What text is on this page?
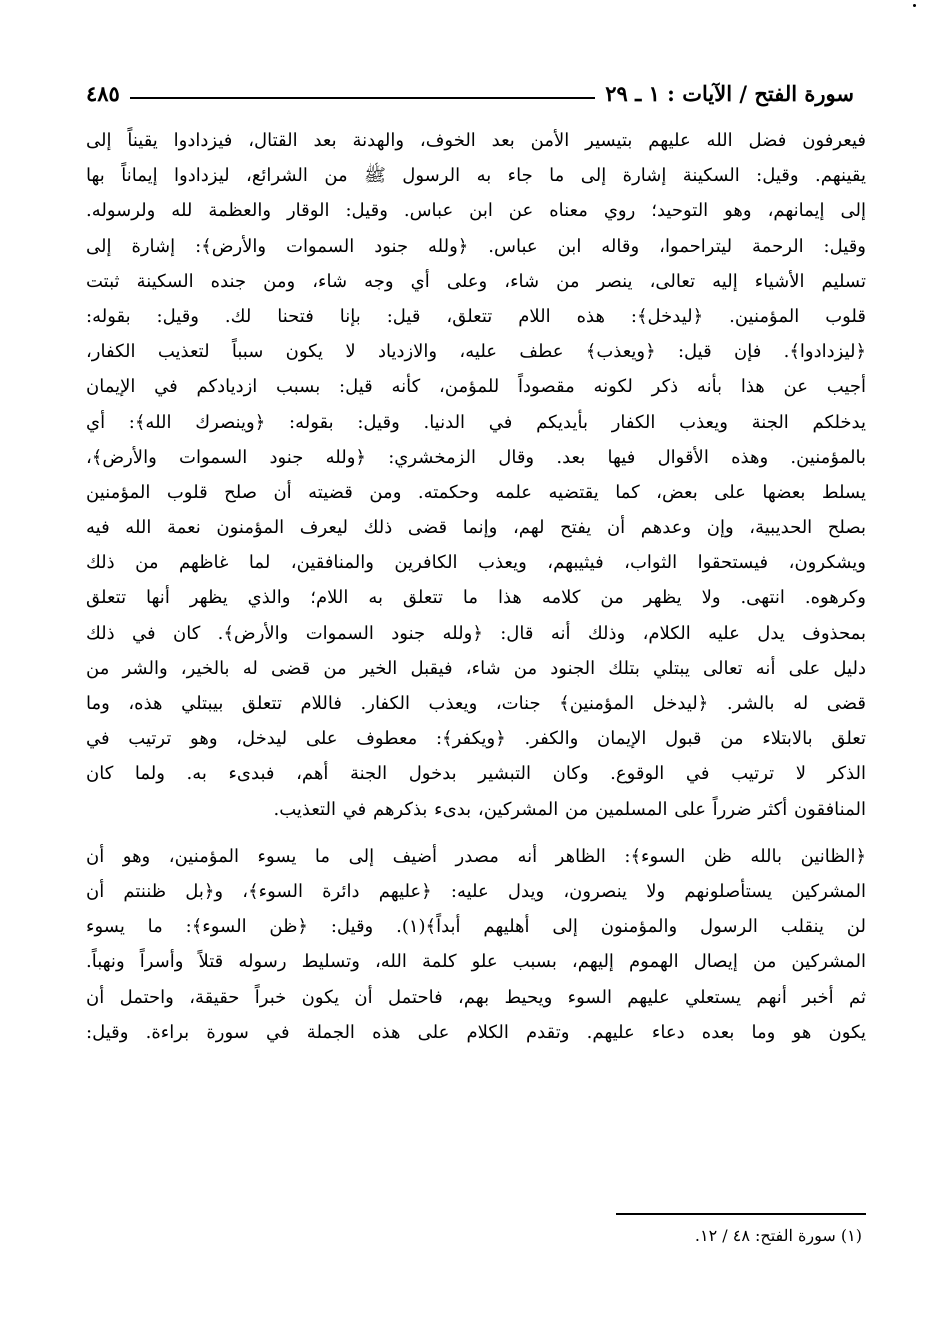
سورة الفتح / الآيات : ١ ـ ٢٩
٤٨٥
فيعرفون فضل الله عليهم بتيسير الأمن بعد الخوف، والهدنة بعد القتال، فيزدادوا يقيناً إلى
يقينهم. وقيل: السكينة إشارة إلى ما جاء به الرسول ﷺ من الشرائع، ليزدادوا إيماناً بها
إلى إيمانهم، وهو التوحيد؛ روي معناه عن ابن عباس. وقيل: الوقار والعظمة لله ولرسوله.
وقيل: الرحمة ليتراحموا، وقاله ابن عباس. ﴿ولله جنود السموات والأرض﴾: إشارة إلى
تسليم الأشياء إليه تعالى، ينصر من شاء، وعلى أي وجه شاء، ومن جنده السكينة ثبتت
قلوب المؤمنين. ﴿ليدخل﴾: هذه اللام تتعلق، قيل: بإنا فتحنا لك. وقيل: بقوله:
﴿ليزدادوا﴾. فإن قيل: ﴿ويعذب﴾ عطف عليه، والازدياد لا يكون سبباً لتعذيب الكفار،
أجيب عن هذا بأنه ذكر لكونه مقصوداً للمؤمن، كأنه قيل: بسبب ازديادكم في الإيمان
يدخلكم الجنة ويعذب الكفار بأيديكم في الدنيا. وقيل: بقوله: ﴿وينصرك الله﴾: أي
بالمؤمنين. وهذه الأقوال فيها بعد. وقال الزمخشري: ﴿ولله جنود السموات والأرض﴾،
يسلط بعضها على بعض، كما يقتضيه علمه وحكمته. ومن قضيته أن صلح قلوب المؤمنين
بصلح الحديبية، وإن وعدهم أن يفتح لهم، وإنما قضى ذلك ليعرف المؤمنون نعمة الله فيه
ويشكرون، فيستحقوا الثواب، فيثيبهم، ويعذب الكافرين والمنافقين، لما غاظهم من ذلك
وكرهوه. انتهى. ولا يظهر من كلامه هذا ما تتعلق به اللام؛ والذي يظهر أنها تتعلق
بمحذوف يدل عليه الكلام، وذلك أنه قال: ﴿ولله جنود السموات والأرض﴾. كان في ذلك
دليل على أنه تعالى يبتلي بتلك الجنود من شاء، فيقبل الخير من قضى له بالخير، والشر من
قضى له بالشر. ﴿ليدخل المؤمنين﴾ جنات، ويعذب الكفار. فاللام تتعلق بيبتلي هذه، وما
تعلق بالابتلاء من قبول الإيمان والكفر. ﴿ويكفر﴾: معطوف على ليدخل، وهو ترتيب في
الذكر لا ترتيب في الوقوع. وكان التبشير بدخول الجنة أهم، فبدىء به. ولما كان
المنافقون أكثر ضرراً على المسلمين من المشركين، بدىء بذكرهم في التعذيب.
﴿الظانين بالله ظن السوء﴾: الظاهر أنه مصدر أضيف إلى ما يسوء المؤمنين، وهو أن
المشركين يستأصلونهم ولا ينصرون، ويدل عليه: ﴿عليهم دائرة السوء﴾، و﴿بل ظننتم أن
لن ينقلب الرسول والمؤمنون إلى أهليهم أبداً﴾(١). وقيل: ﴿ظن السوء﴾: ما يسوء
المشركين من إيصال الهموم إليهم، بسبب علو كلمة الله، وتسليط رسوله قتلاً وأسراً ونهباً.
ثم أخبر أنهم يستعلي عليهم السوء ويحيط بهم، فاحتمل أن يكون خبراً حقيقة، واحتمل أن
يكون هو وما بعده دعاء عليهم. وتقدم الكلام على هذه الجملة في سورة براءة. وقيل:
(١) سورة الفتح: ٤٨ / ١٢.
